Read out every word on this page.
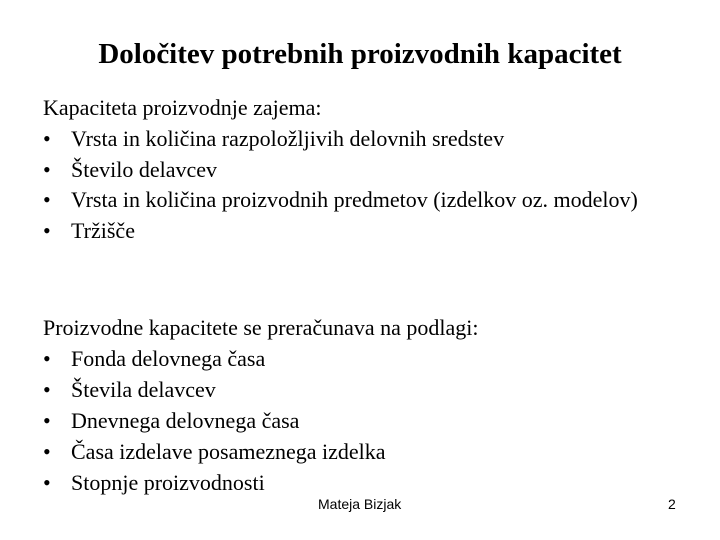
Določitev potrebnih proizvodnih kapacitet
Kapaciteta proizvodnje zajema:
• Vrsta in količina razpoložljivih delovnih sredstev
• Število delavcev
• Vrsta in količina proizvodnih predmetov (izdelkov oz. modelov)
• Tržišče
Proizvodne kapacitete se preračunava na podlagi:
• Fonda delovnega časa
• Števila delavcev
• Dnevnega delovnega časa
• Časa izdelave posameznega izdelka
• Stopnje proizvodnosti
Mateja Bizjak	2
